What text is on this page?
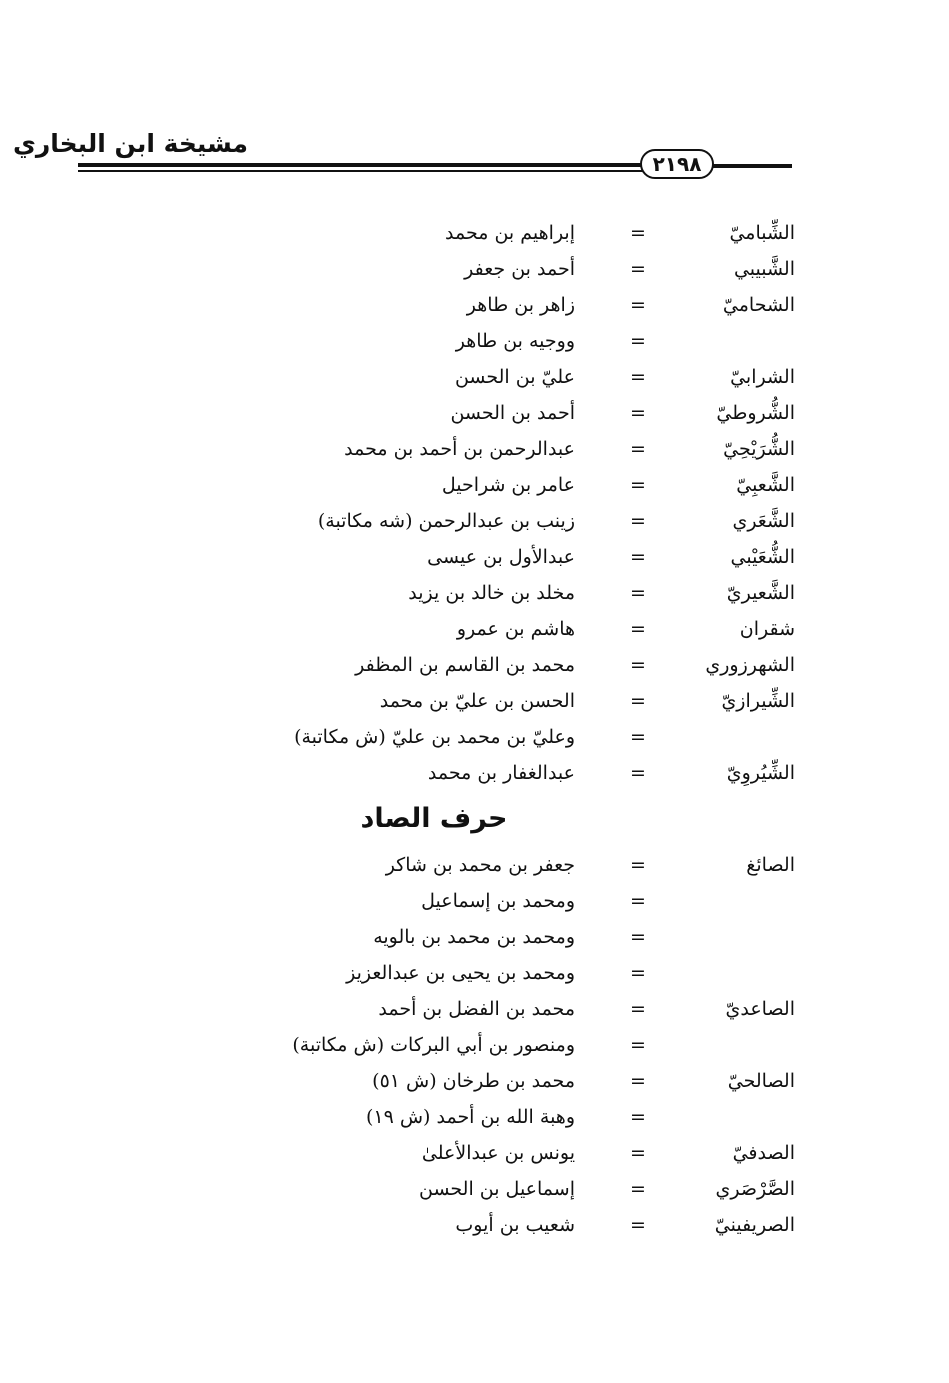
مشيخة ابن البخاري
٢١٩٨
الشِّباميّ
=
إبراهيم بن محمد
الشَّبيبي
=
أحمد بن جعفر
الشحاميّ
=
زاهر بن طاهر
=
ووجيه بن طاهر
الشرابيّ
=
عليّ بن الحسن
الشُّروطيّ
=
أحمد بن الحسن
الشُّرَيْحِيّ
=
عبدالرحمن بن أحمد بن محمد
الشَّعبِيّ
=
عامر بن شراحيل
الشَّعَري
=
زينب بن عبدالرحمن (شه مكاتبة)
الشُّعَيْبي
=
عبدالأول بن عيسى
الشَّعيريّ
=
مخلد بن خالد بن يزيد
شقران
=
هاشم بن عمرو
الشهرزوري
=
محمد بن القاسم بن المظفر
الشِّيرازيّ
=
الحسن بن عليّ بن محمد
=
وعليّ بن محمد بن عليّ (ش مكاتبة)
الشِّيُروِيّ
=
عبدالغفار بن محمد
حرف الصاد
الصائغ
=
جعفر بن محمد بن شاكر
=
ومحمد بن إسماعيل
=
ومحمد بن محمد بن بالويه
=
ومحمد بن يحيى بن عبدالعزيز
الصاعديّ
=
محمد بن الفضل بن أحمد
=
ومنصور بن أبي البركات (ش مكاتبة)
الصالحيّ
=
محمد بن طرخان (ش ٥١)
=
وهبة الله بن أحمد (ش ١٩)
الصدفيّ
=
يونس بن عبدالأعلىٰ
الصَّرْصَري
=
إسماعيل بن الحسن
الصريفينيّ
=
شعيب بن أيوب
